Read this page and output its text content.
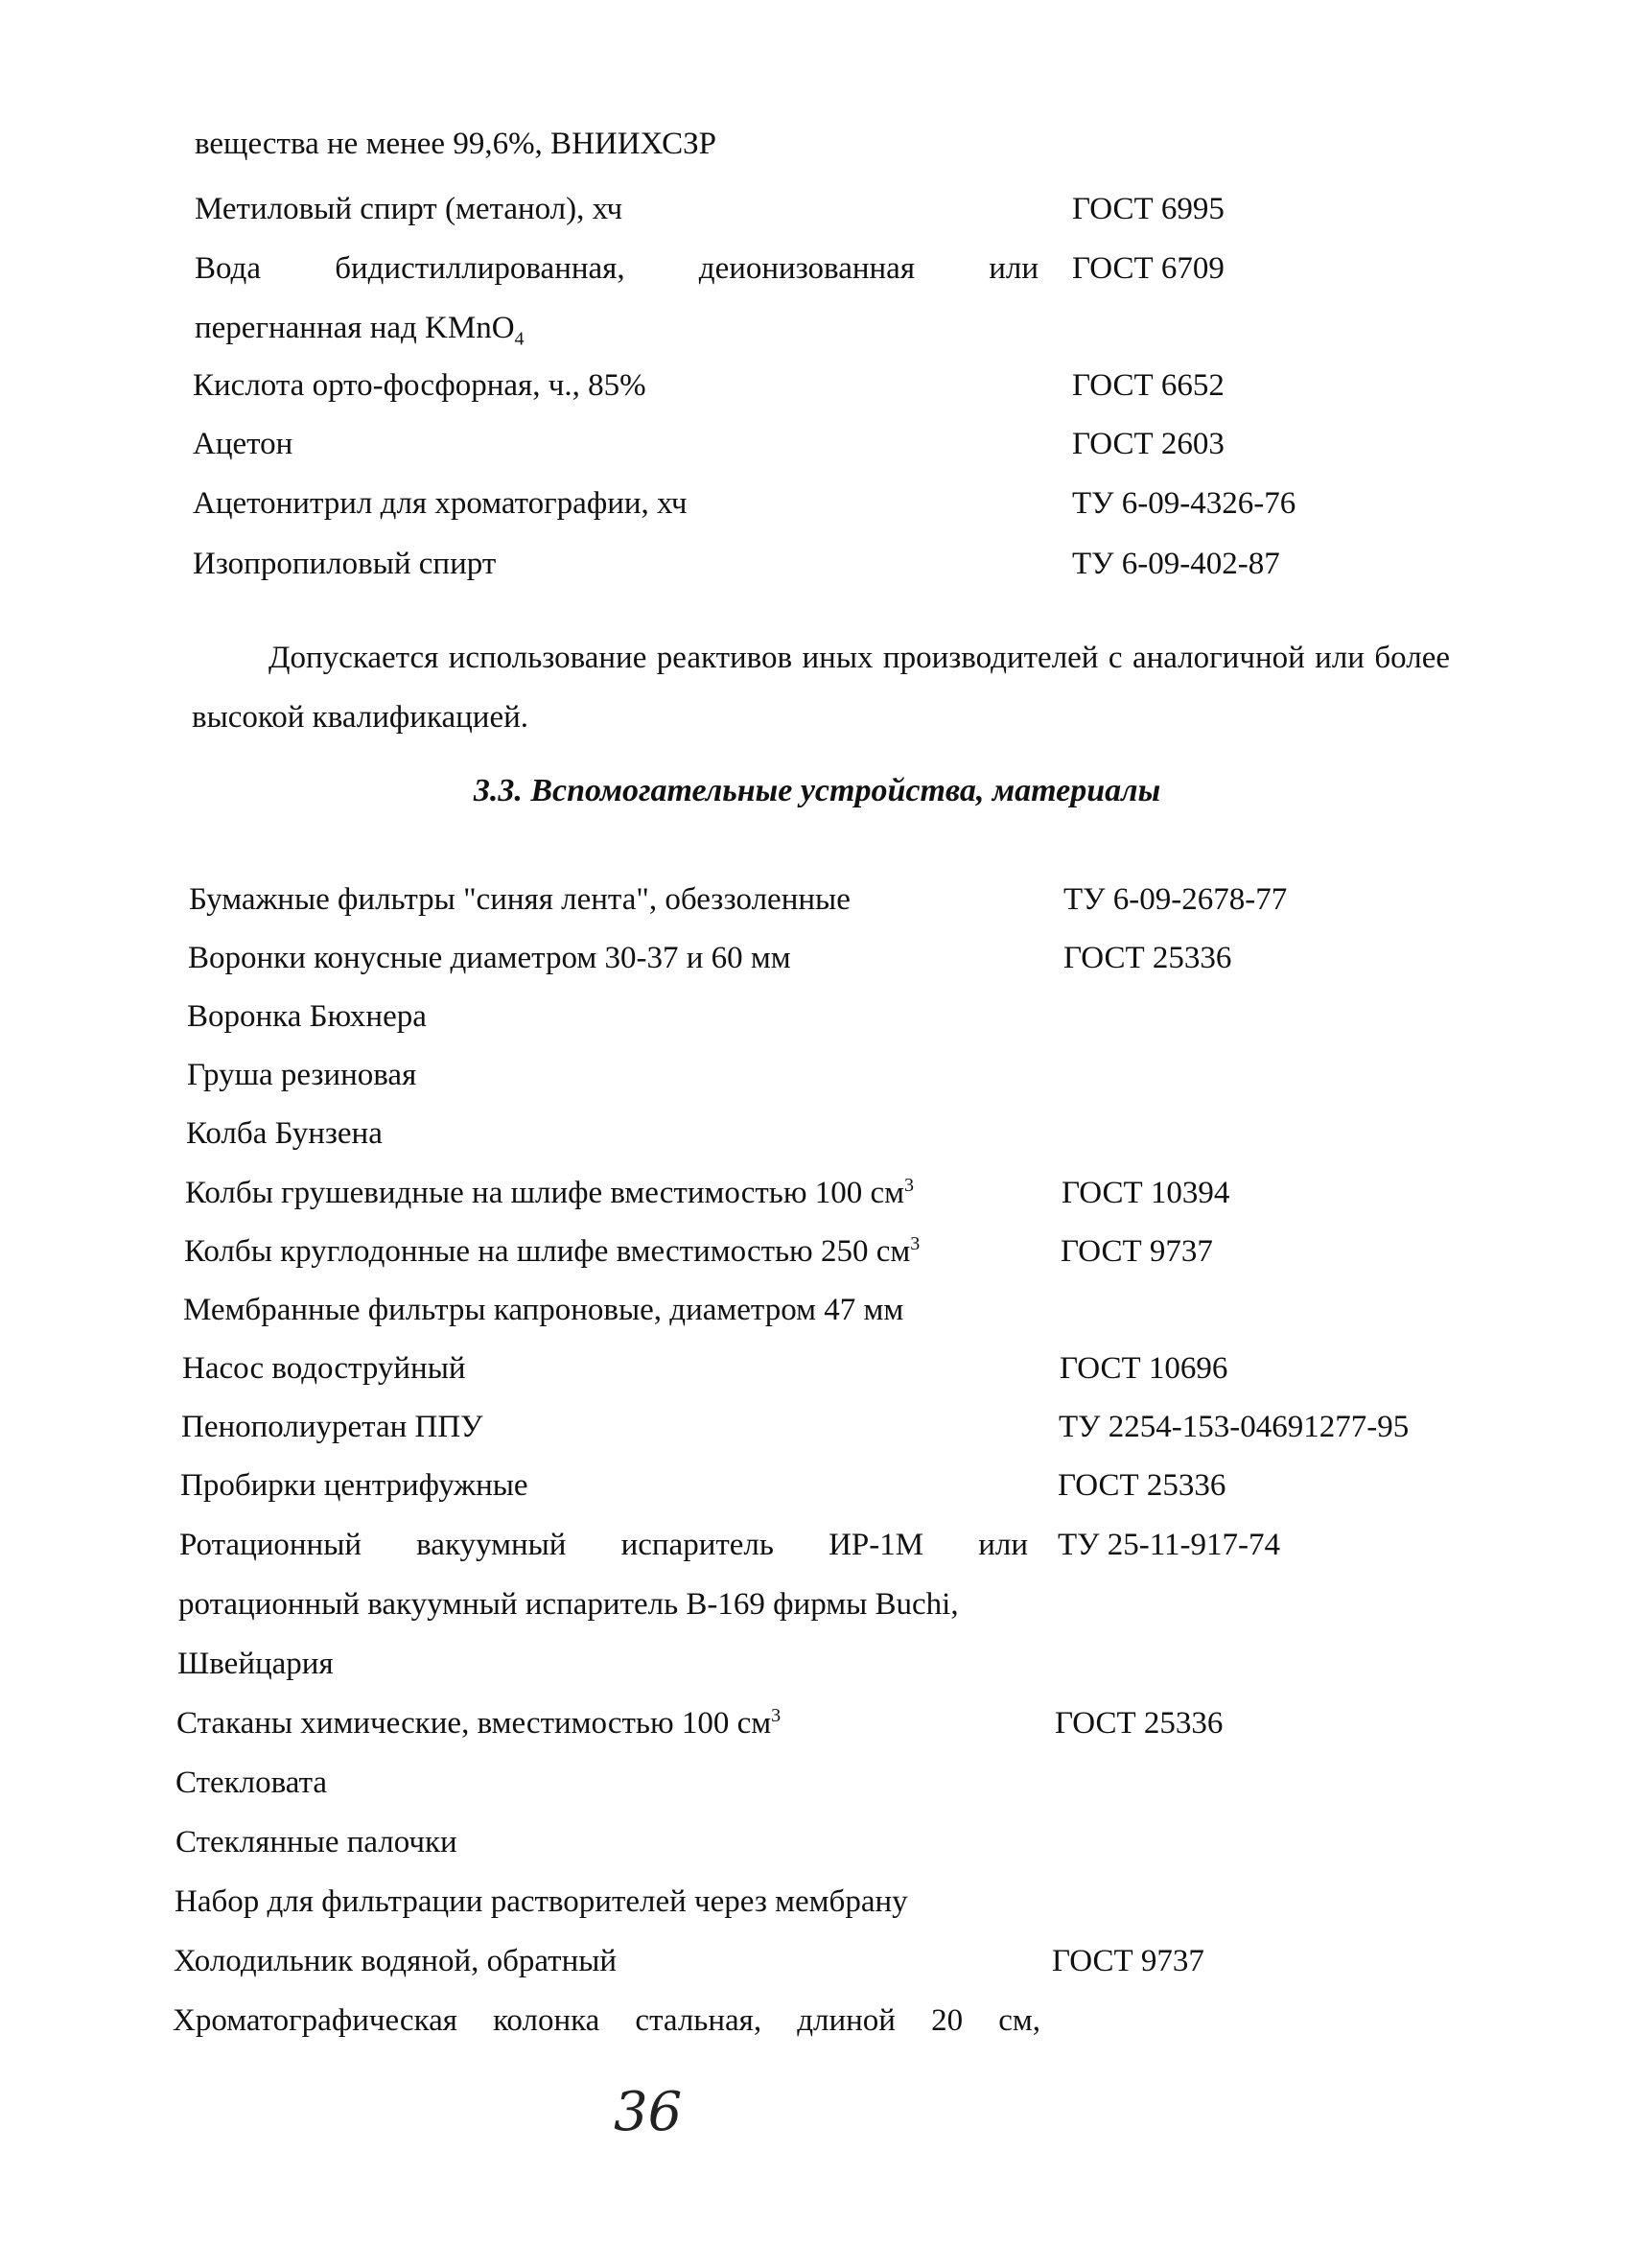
вещества не менее 99,6%, ВНИИХСЗР
Метиловый спирт (метанол), хч	ГОСТ 6995
Вода бидистиллированная, деионизованная или ГОСТ 6709
перегнанная над KMnO$_4$
Кислота орто-фосфорная, ч., 85%	ГОСТ 6652
Ацетон	ГОСТ 2603
Ацетонитрил для хроматографии, хч	ТУ 6-09-4326-76
Изопропиловый спирт	ТУ 6-09-402-87
Допускается использование реактивов иных производителей с аналогичной или более высокой квалификацией.
3.3. Вспомогательные устройства, материалы
Бумажные фильтры "синяя лента", обеззоленные	ТУ 6-09-2678-77
Воронки конусные диаметром 30-37 и 60 мм	ГОСТ 25336
Воронка Бюхнера
Груша резиновая
Колба Бунзена
Колбы грушевидные на шлифе вместимостью 100 $см^3$	ГОСТ 10394
Колбы круглодонные на шлифе вместимостью 250 $см^3$	ГОСТ 9737
Мембранные фильтры капроновые, диаметром 47 мм
Насос водоструйный	ГОСТ 10696
Пенополиуретан ППУ	ТУ 2254-153-04691277-95
Пробирки центрифужные	ГОСТ 25336
Ротационный вакуумный испаритель ИР-1М или ТУ 25-11-917-74
ротационный вакуумный испаритель B-169 фирмы Buchi,
Швейцария
Стаканы химические, вместимостью 100 $см^3$	ГОСТ 25336
Стекловата
Стеклянные палочки
Набор для фильтрации растворителей через мембрану
Холодильник водяной, обратный	ГОСТ 9737
Хроматографическая колонка стальная, длиной 20 см,
36
